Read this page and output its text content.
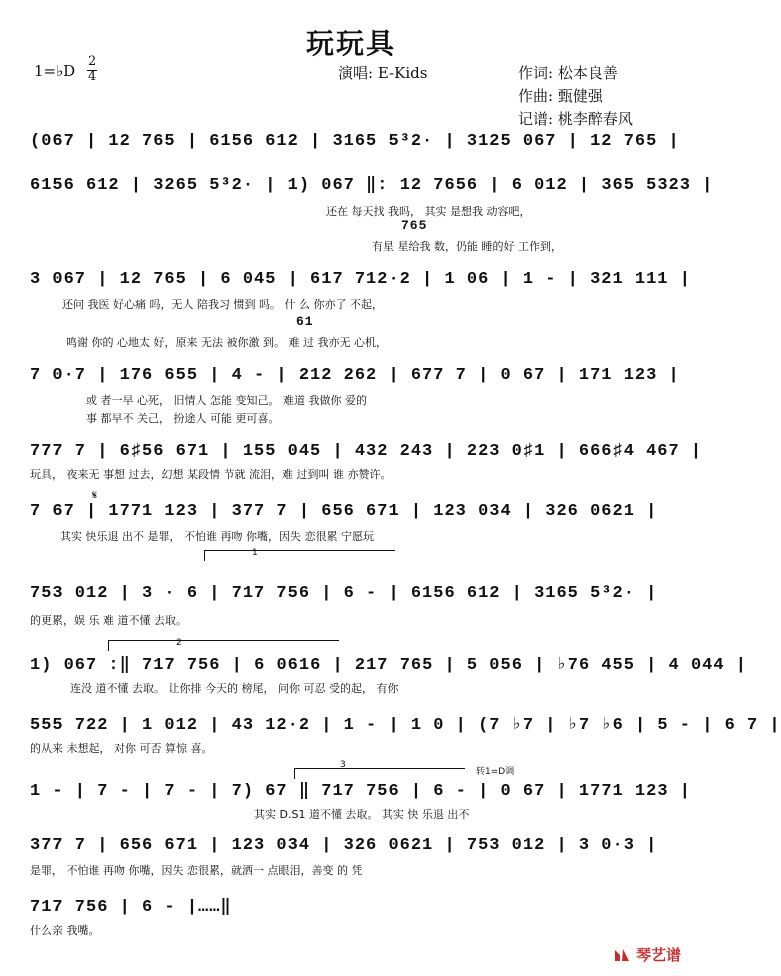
玩玩具
1=♭D
2
4	演唱: E-Kids	作词: 松本良善
作曲: 甄健强
记谱: 桃李醉春风
(067 | 12 765 | 6156 612 | 3165 5³2· | 3125 067 | 12 765 |
6156 612 | 3265 5³2· | 1) 067 ‖: 12 7656 | 6 012 | 365 5323 |
还在 每天找 我吗， 其实 是想我 动容吧，
765
有星 星给我 数，仍能 睡的好 工作到，
3 067 | 12 765 | 6 045 | 617 712·2 | 1 06 | 1 - | 321 111 |
还问 我医 好心痛 吗，无人 陪我习 惯到 吗。 什 么 你亦了 不起，
61
鸣谢 你的 心地太 好，原来 无法 被你激 到。 难 过 我亦无 心机，
7 0·7 | 176 655 | 4 - | 212 262 | 677 7 | 0 67 | 171 123 |
或 者一早 心死， 旧情人 怎能 变知己。 难道 我做你 爱的
事 都早不 关己， 扮途人 可能 更可喜。
777 7 | 6♯56 671 | 155 045 | 432 243 | 223 0♯1 | 666♯4 467 |
玩具， 夜来无 事想 过去，幻想 某段情 节就 流泪，难 过到叫 谁 亦赞许。
7 67 | 1771 123 | 377 7 | 656 671 | 123 034 | 326 0621 |
𝄋
其实 快乐退 出不 是罪， 不怕谁 再吻 你嘴，因失 恋很累 宁愿玩
1
753 012 | 3 · 6 | 717 756 | 6 - | 6156 612 | 3165 5³2· |
的更累，娱 乐 难 道不懂 去取。
2
1) 067 :‖ 717 756 | 6 0616 | 217 765 | 5 056 | ♭76 455 | 4 044 |
连没 道不懂 去取。 让你排 今天的 榜尾， 问你 可忍 受的起， 有你
555 722 | 1 012 | 43 12·2 | 1 - | 1 0 | (7 ♭7 | ♭7 ♭6 | 5 - | 6 7 |
的从来 未想起， 对你 可否 算惊 喜。
3
转1=D调
1 - | 7 - | 7 - | 7) 67 ‖ 717 756 | 6 - | 0 67 | 1771 123 |
其实 D.S1 道不懂 去取。 其实 快 乐退 出不
377 7 | 656 671 | 123 034 | 326 0621 | 753 012 | 3 0·3 |
是罪， 不怕谁 再吻 你嘴，因失 恋很累，就洒一 点眼泪，善变 的 凭
717 756 | 6 - |……‖
什么亲 我嘴。
琴艺谱
